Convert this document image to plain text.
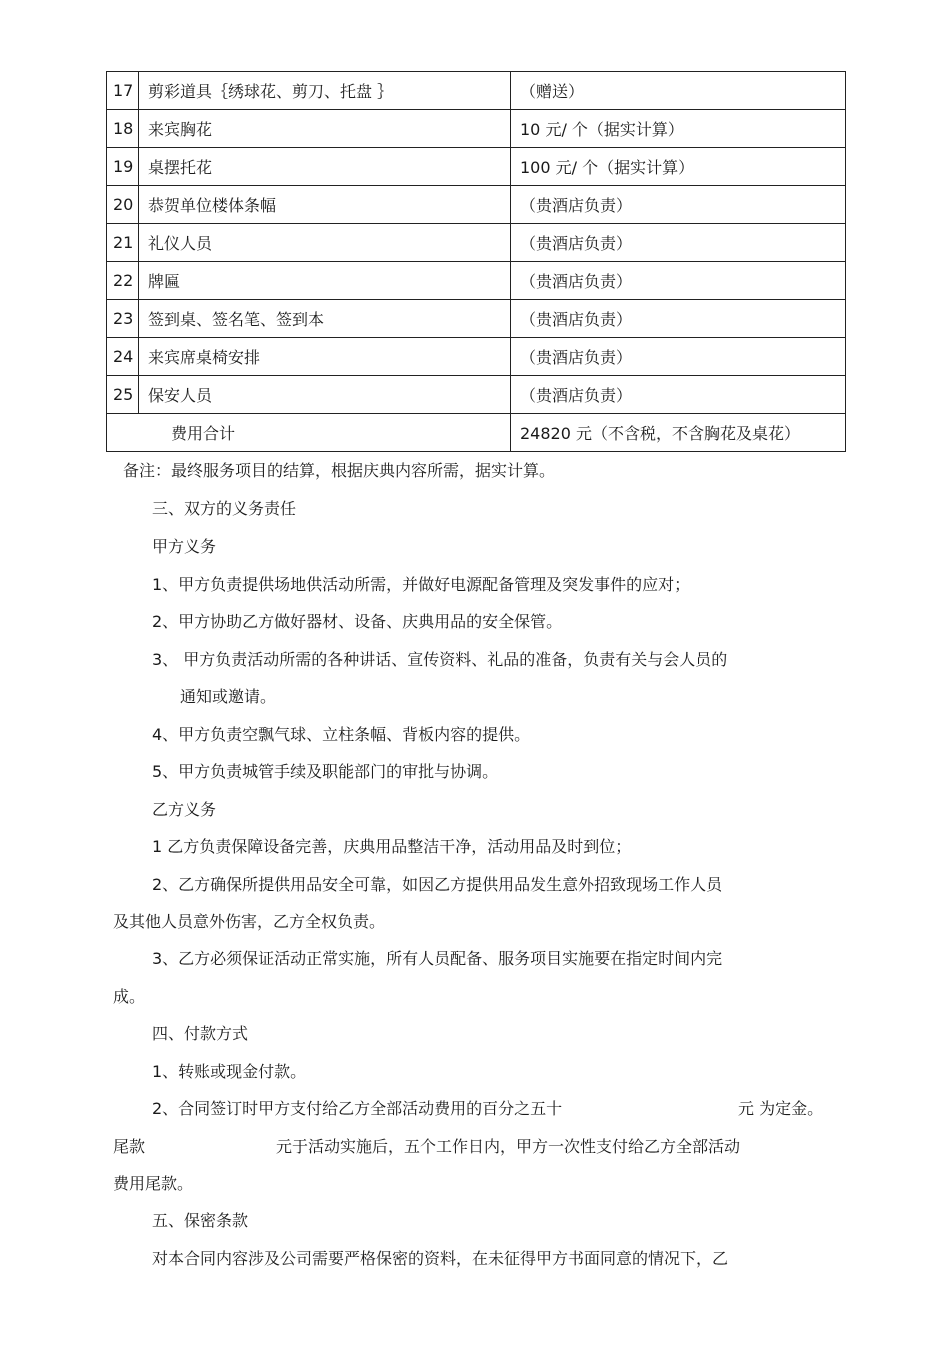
17	剪彩道具｛绣球花、剪刀、托盘 ｝	（赠送）
18	来宾胸花	10 元/ 个（据实计算）
19	桌摆托花	100 元/ 个（据实计算）
20	恭贺单位楼体条幅	（贵酒店负责）
21	礼仪人员	（贵酒店负责）
22	牌匾	（贵酒店负责）
23	签到桌、签名笔、签到本	（贵酒店负责）
24	来宾席桌椅安排	（贵酒店负责）
25	保安人员	（贵酒店负责）
费用合计		24820 元（不含税，不含胸花及桌花）
备注：最终服务项目的结算，根据庆典内容所需，据实计算。
三、双方的义务责任
甲方义务
1、甲方负责提供场地供活动所需，并做好电源配备管理及突发事件的应对；
2、甲方协助乙方做好器材、设备、庆典用品的安全保管。
3、 甲方负责活动所需的各种讲话、宣传资料、礼品的准备，负责有关与会人员的
通知或邀请。
4、甲方负责空飘气球、立柱条幅、背板内容的提供。
5、甲方负责城管手续及职能部门的审批与协调。
乙方义务
1 乙方负责保障设备完善，庆典用品整洁干净，活动用品及时到位；
2、乙方确保所提供用品安全可靠，如因乙方提供用品发生意外招致现场工作人员
及其他人员意外伤害，乙方全权负责。
3、乙方必须保证活动正常实施，所有人员配备、服务项目实施要在指定时间内完
成。
四、付款方式
1、转账或现金付款。
2、合同签订时甲方支付给乙方全部活动费用的百分之五十	元 为定金。
尾款	元于活动实施后，五个工作日内，甲方一次性支付给乙方全部活动
费用尾款。
五、保密条款
对本合同内容涉及公司需要严格保密的资料，在未征得甲方书面同意的情况下，乙
